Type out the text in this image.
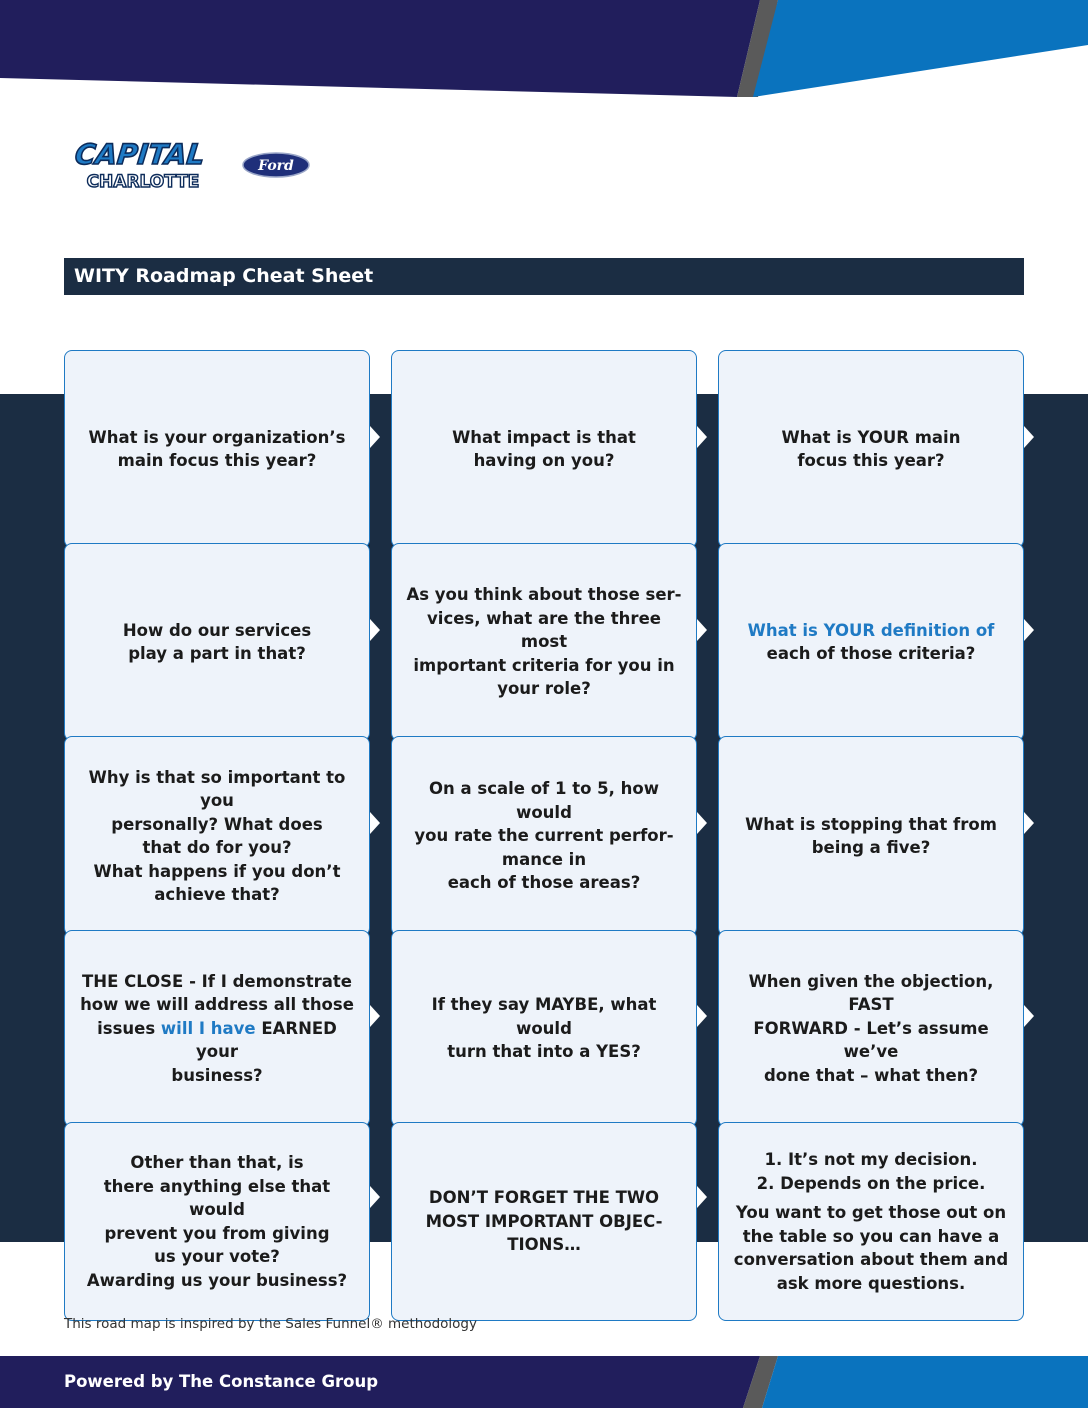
CAPITAL
CHARLOTTE
Ford
WITY Roadmap Cheat Sheet
What is your organization’s
main focus this year?
What impact is that
having on you?
What is YOUR main
focus this year?
How do our services
play a part in that?
As you think about those ser-
vices, what are the three most
important criteria for you in
your role?
What is YOUR definition of
each of those criteria?
Why is that so important to you
personally? What does
that do for you?
What happens if you don’t
achieve that?
On a scale of 1 to 5, how would
you rate the current perfor-
mance in
each of those areas?
What is stopping that from
being a five?
THE CLOSE - If I demonstrate
how we will address all those
issues will I have EARNED your
business?
If they say MAYBE, what would
turn that into a YES?
When given the objection, FAST
FORWARD - Let’s assume we’ve
done that – what then?
Other than that, is
there anything else that would
prevent you from giving
us your vote?
Awarding us your business?
DON’T FORGET THE TWO
MOST IMPORTANT OBJEC-
TIONS…
1. It’s not my decision.
2. Depends on the price.
You want to get those out on
the table so you can have a
conversation about them and
ask more questions.
This road map is inspired by the Sales Funnel® methodology
Powered by The Constance Group
